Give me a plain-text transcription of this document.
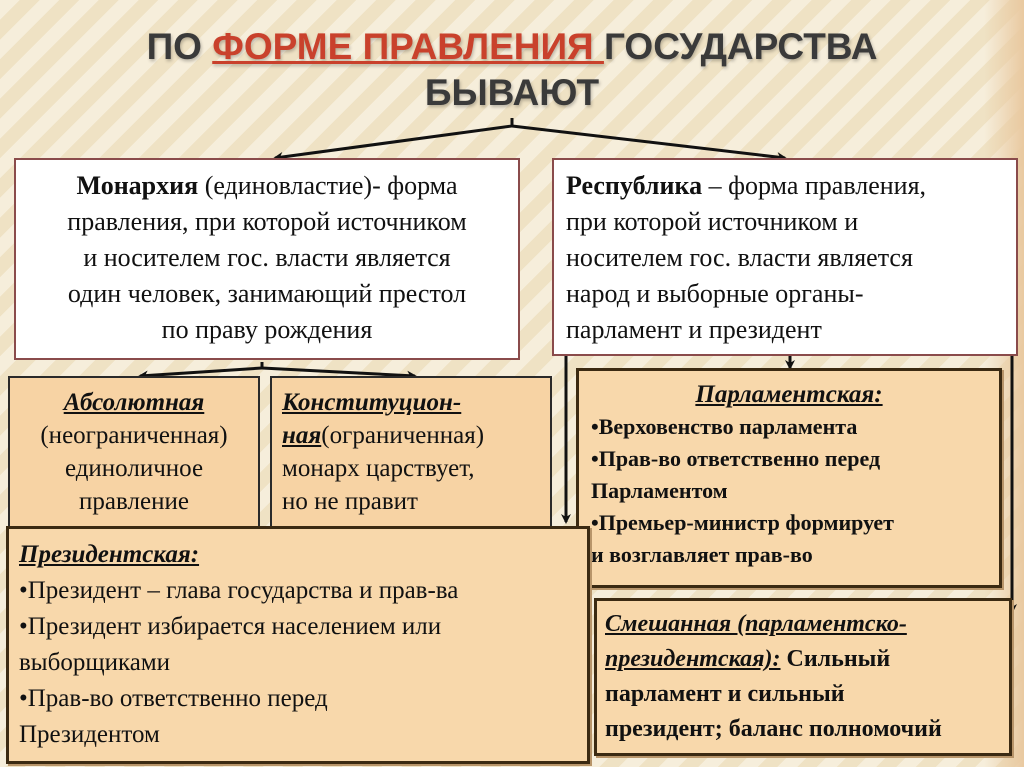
ПО ФОРМЕ ПРАВЛЕНИЯ ГОСУДАРСТВА
БЫВАЮТ
Монархия (единовластие)- форма
правления, при которой источником
и носителем гос. власти является
один человек, занимающий престол
по праву рождения
Республика – форма правления,
при которой источником и
носителем гос. власти является
народ и выборные органы-
парламент и президент
Абсолютная
(неограниченная)
единоличное
правление
Конституцион-
ная(ограниченная)
монарх царствует,
но не правит
Парламентская:
•Верховенство парламента
•Прав-во ответственно перед
Парламентом
•Премьер-министр формирует
и возглавляет прав-во
Президентская:
•Президент – глава государства и прав-ва
•Президент избирается населением или
выборщиками
•Прав-во ответственно перед
Президентом
Смешанная (парламентско-
президентская): Сильный
парламент и сильный
президент; баланс полномочий
